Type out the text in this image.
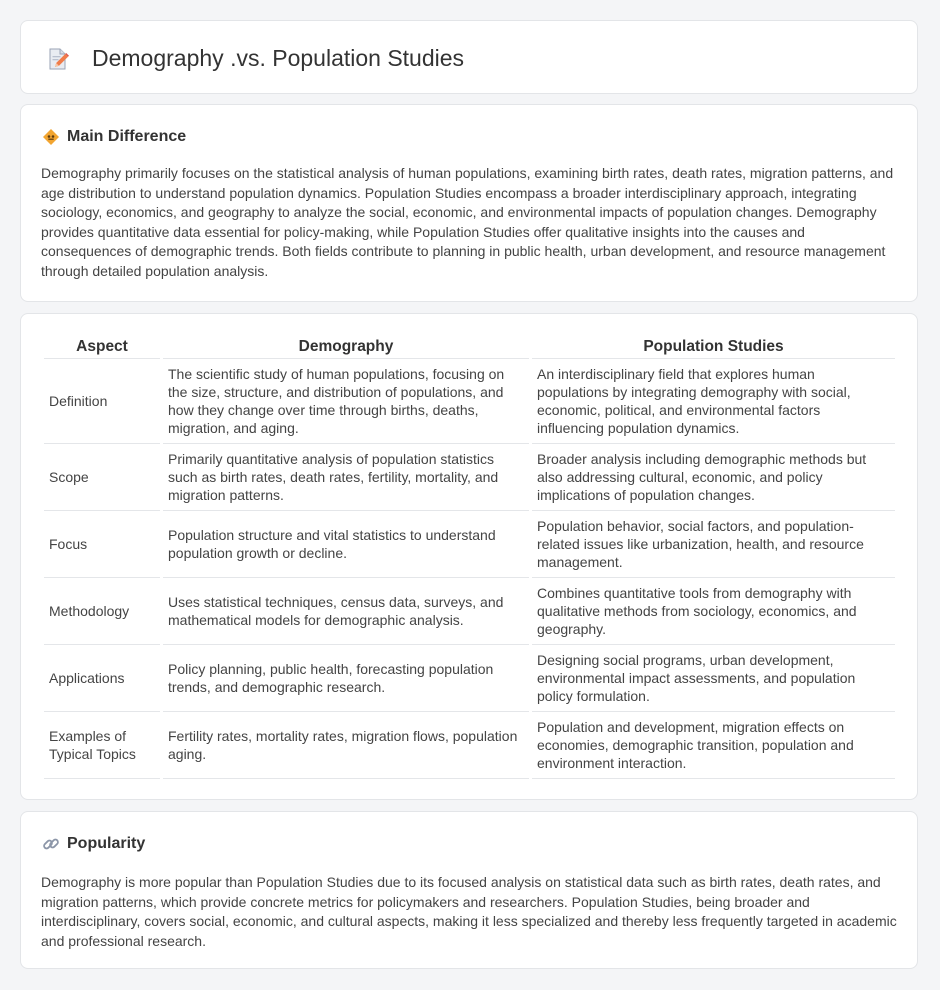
Demography .vs. Population Studies
Main Difference

Demography primarily focuses on the statistical analysis of human populations, examining birth rates, death rates, migration patterns, and age distribution to understand population dynamics. Population Studies encompass a broader interdisciplinary approach, integrating sociology, economics, and geography to analyze the social, economic, and environmental impacts of population changes. Demography provides quantitative data essential for policy-making, while Population Studies offer qualitative insights into the causes and consequences of demographic trends. Both fields contribute to planning in public health, urban development, and resource management through detailed population analysis.

Aspect	Demography	Population Studies
Definition	The scientific study of human populations, focusing on the size, structure, and distribution of populations, and how they change over time through births, deaths, migration, and aging.	An interdisciplinary field that explores human populations by integrating demography with social, economic, political, and environmental factors influencing population dynamics.
Scope	Primarily quantitative analysis of population statistics such as birth rates, death rates, fertility, mortality, and migration patterns.	Broader analysis including demographic methods but also addressing cultural, economic, and policy implications of population changes.
Focus	Population structure and vital statistics to understand population growth or decline.	Population behavior, social factors, and population-related issues like urbanization, health, and resource management.
Methodology	Uses statistical techniques, census data, surveys, and mathematical models for demographic analysis.	Combines quantitative tools from demography with qualitative methods from sociology, economics, and geography.
Applications	Policy planning, public health, forecasting population trends, and demographic research.	Designing social programs, urban development, environmental impact assessments, and population policy formulation.
Examples of Typical Topics	Fertility rates, mortality rates, migration flows, population aging.	Population and development, migration effects on economies, demographic transition, population and environment interaction.
Popularity

Demography is more popular than Population Studies due to its focused analysis on statistical data such as birth rates, death rates, and migration patterns, which provide concrete metrics for policymakers and researchers. Population Studies, being broader and interdisciplinary, covers social, economic, and cultural aspects, making it less specialized and thereby less frequently targeted in academic and professional research.
